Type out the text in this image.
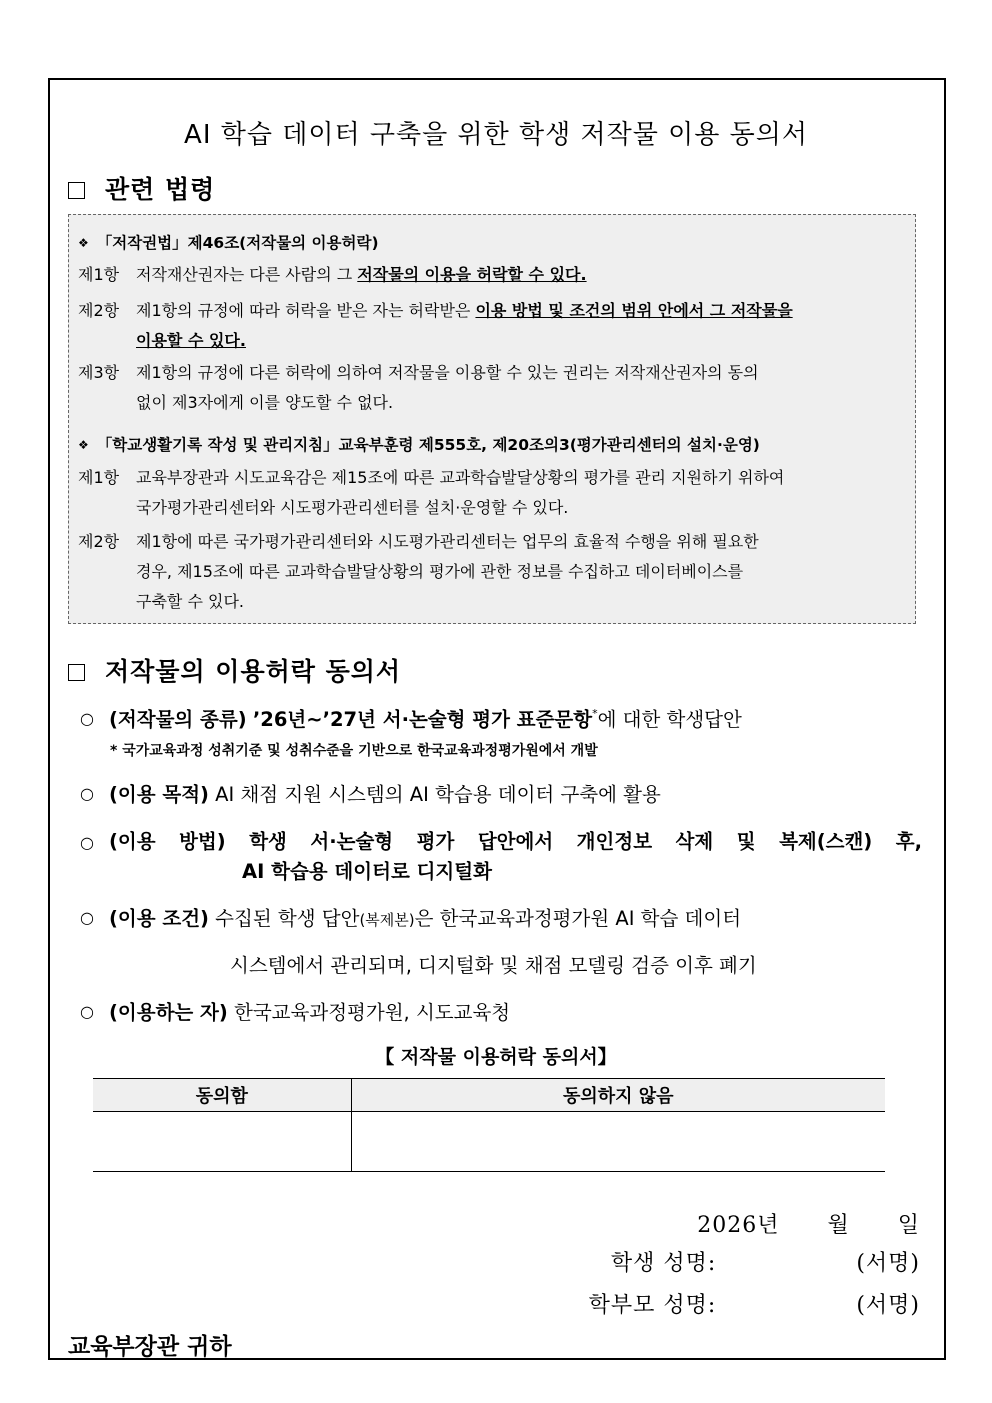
AI 학습 데이터 구축을 위한 학생 저작물 이용 동의서
관련 법령
❖ 「저작권법」제46조(저작물의 이용허락)
제1항 저작재산권자는 다른 사람의 그 저작물의 이용을 허락할 수 있다.
제2항 제1항의 규정에 따라 허락을 받은 자는 허락받은 이용 방법 및 조건의 범위 안에서 그 저작물을
이용할 수 있다.
제3항 제1항의 규정에 다른 허락에 의하여 저작물을 이용할 수 있는 권리는 저작재산권자의 동의
없이 제3자에게 이를 양도할 수 없다.
❖ 「학교생활기록 작성 및 관리지침」교육부훈령 제555호, 제20조의3(평가관리센터의 설치·운영)
제1항 교육부장관과 시도교육감은 제15조에 따른 교과학습발달상황의 평가를 관리 지원하기 위하여
국가평가관리센터와 시도평가관리센터를 설치·운영할 수 있다.
제2항 제1항에 따른 국가평가관리센터와 시도평가관리센터는 업무의 효율적 수행을 위해 필요한
경우, 제15조에 따른 교과학습발달상황의 평가에 관한 정보를 수집하고 데이터베이스를
구축할 수 있다.
저작물의 이용허락 동의서
○ (저작물의 종류) ’26년~’27년 서·논술형 평가 표준문항*에 대한 학생답안
* 국가교육과정 성취기준 및 성취수준을 기반으로 한국교육과정평가원에서 개발
○ (이용 목적) AI 채점 지원 시스템의 AI 학습용 데이터 구축에 활용
○ (이용 방법) 학생 서·논술형 평가 답안에서 개인정보 삭제 및 복제(스캔) 후,
AI 학습용 데이터로 디지털화
○ (이용 조건) 수집된 학생 답안(복제본)은 한국교육과정평가원 AI 학습 데이터
시스템에서 관리되며, 디지털화 및 채점 모델링 검증 이후 폐기
○ (이용하는 자) 한국교육과정평가원, 시도교육청
【 저작물 이용허락 동의서】
동의함	동의하지 않음

2026년 월 일
학생 성명:	(서명)
학부모 성명:	(서명)
교육부장관 귀하
